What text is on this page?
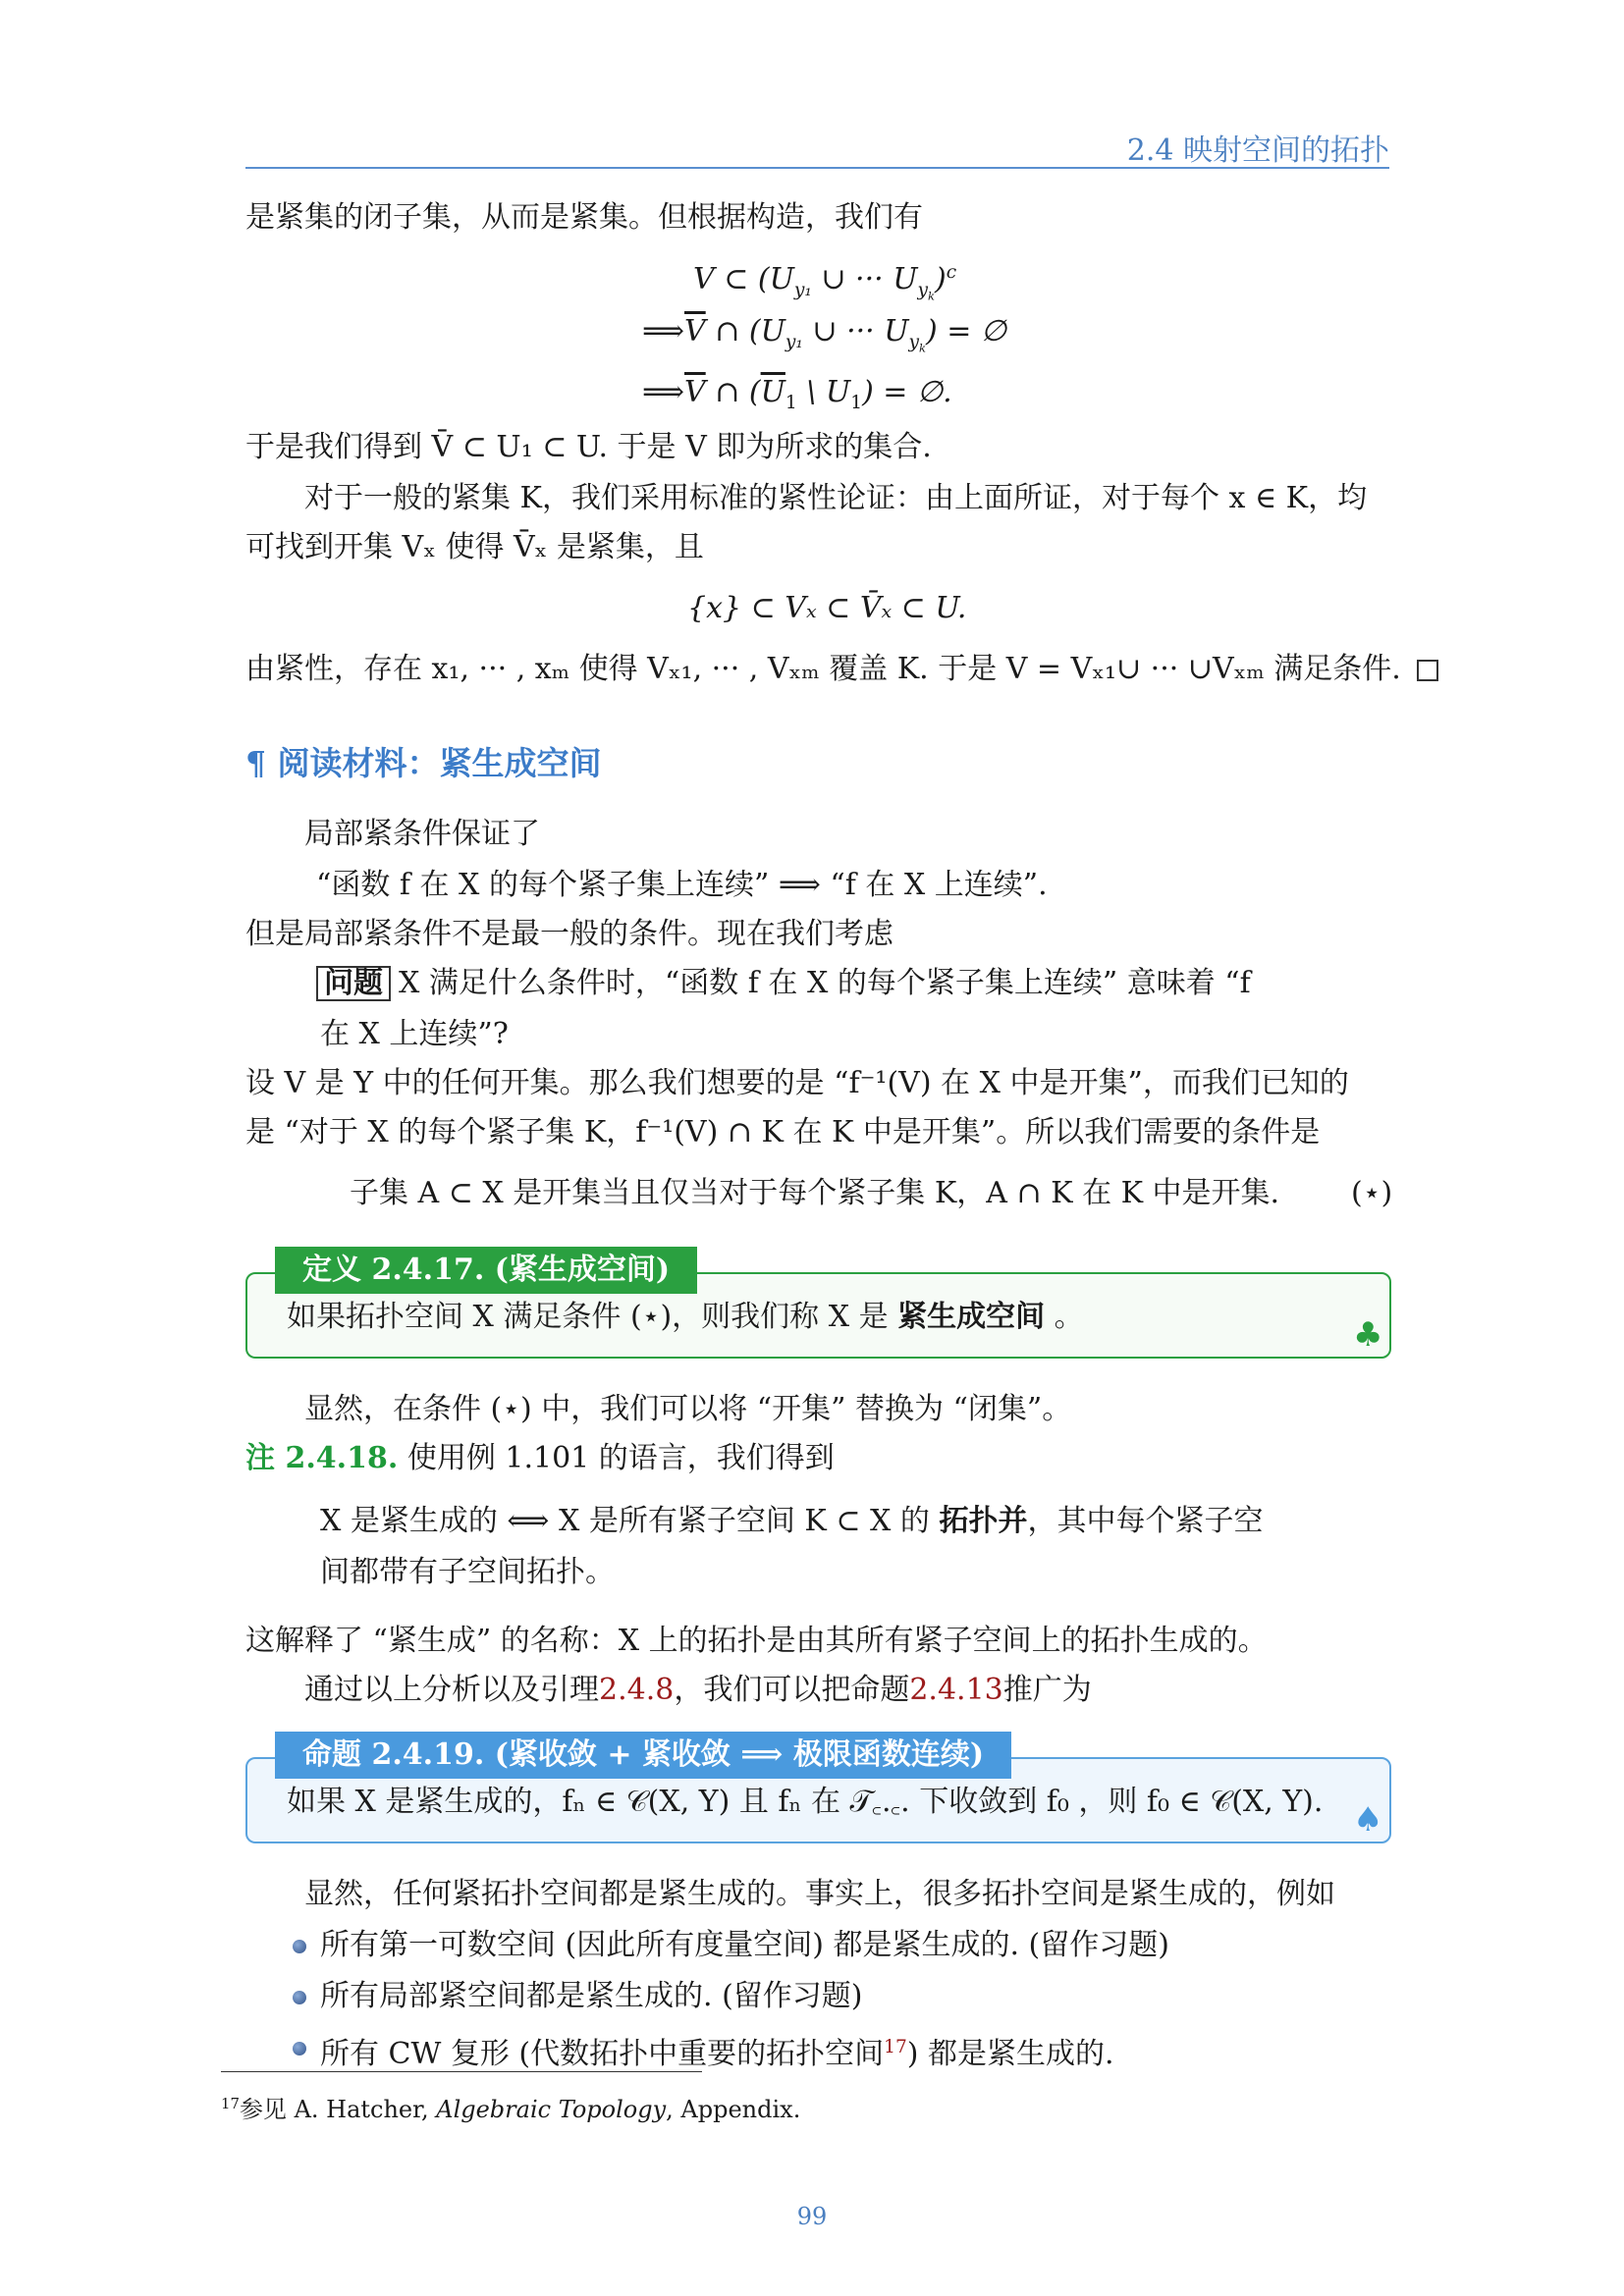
2.4 映射空间的拓扑
是紧集的闭子集，从而是紧集。但根据构造，我们有
V ⊂ ($U_{y_1}$ ∪ ··· $U_{y_k})^c$
$⟹\overline{V}$ ∩ ($U_{y_1}$ ∪ ··· $U_{y_k}$) = ∅
$⟹\overline{V}$ ∩ ($\overline{U}_1$ \ $U_1$) = ∅.
于是我们得到 V̄ ⊂ U₁ ⊂ U. 于是 V 即为所求的集合.
对于一般的紧集 K，我们采用标准的紧性论证：由上面所证，对于每个 x ∈ K，均
可找到开集 Vₓ 使得 V̄ₓ 是紧集，且
{x} ⊂ Vₓ ⊂ V̄ₓ ⊂ U.
由紧性，存在 x₁, ··· , xₘ 使得 Vₓ₁, ··· , Vₓₘ 覆盖 K. 于是 V = Vₓ₁∪ ··· ∪Vₓₘ 满足条件.
¶ 阅读材料：紧生成空间
局部紧条件保证了
“函数 f 在 X 的每个紧子集上连续” ⟹ “f 在 X 上连续”.
但是局部紧条件不是最一般的条件。现在我们考虑
问题 X 满足什么条件时，“函数 f 在 X 的每个紧子集上连续” 意味着 “f
在 X 上连续”?
设 V 是 Y 中的任何开集。那么我们想要的是 “f⁻¹(V) 在 X 中是开集”，而我们已知的
是 “对于 X 的每个紧子集 K，f⁻¹(V) ∩ K 在 K 中是开集”。所以我们需要的条件是
子集 A ⊂ X 是开集当且仅当对于每个紧子集 K，A ∩ K 在 K 中是开集. (⋆)
定义 2.4.17. (紧生成空间)
如果拓扑空间 X 满足条件 (⋆)，则我们称 X 是 紧生成空间 。	♣
显然，在条件 (⋆) 中，我们可以将 “开集” 替换为 “闭集”。
注 2.4.18. 使用例 1.101 的语言，我们得到
X 是紧生成的 ⟺ X 是所有紧子空间 K ⊂ X 的 拓扑并，其中每个紧子空
间都带有子空间拓扑。
这解释了 “紧生成” 的名称：X 上的拓扑是由其所有紧子空间上的拓扑生成的。
通过以上分析以及引理2.4.8，我们可以把命题2.4.13推广为
命题 2.4.19. (紧收敛 + 紧收敛 ⟹ 极限函数连续)
如果 X 是紧生成的，fₙ ∈ 𝒞(X, Y) 且 fₙ 在 𝒯꜀.꜀. 下收敛到 f₀ ，则 f₀ ∈ 𝒞(X, Y). ♠
显然，任何紧拓扑空间都是紧生成的。事实上，很多拓扑空间是紧生成的，例如
所有第一可数空间 (因此所有度量空间) 都是紧生成的. (留作习题)
所有局部紧空间都是紧生成的. (留作习题)
所有 CW 复形 (代数拓扑中重要的拓扑空间$^{17}$) 都是紧生成的.
$^{17}$参见 A. Hatcher, Algebraic Topology, Appendix.
99
